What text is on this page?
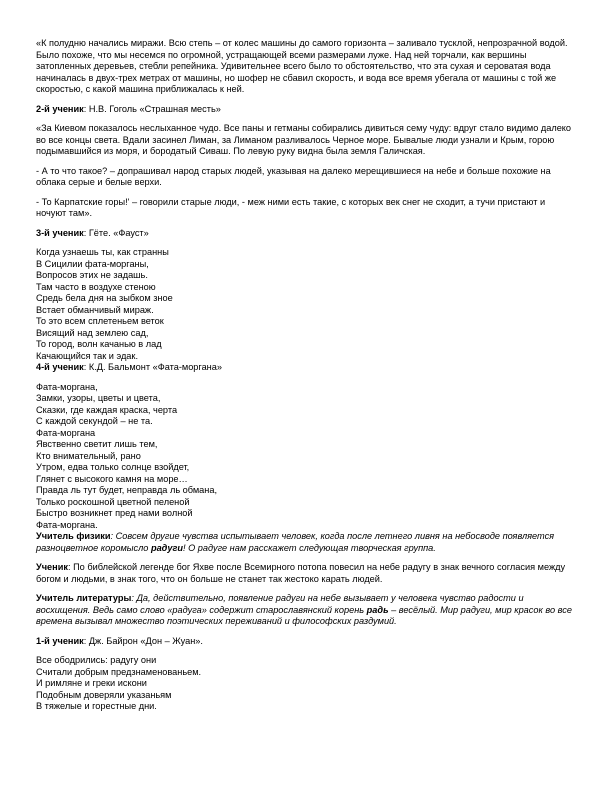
«К полудню начались миражи. Всю степь – от колес машины до самого горизонта – заливало тусклой, непрозрачной водой. Было похоже, что мы несемся по огромной, устращающей всеми размерами луже. Над ней торчали, как вершины затопленных деревьев, стебли репейника. Удивительнее всего было то обстоятельство, что эта сухая и сероватая вода начиналась в двух-трех метрах от машины, но шофер не сбавил скорость, и вода все время убегала от машины с той же скоростью, с какой машина приближалась к ней.

2-й ученик: Н.В. Гоголь «Страшная месть»

«За Киевом показалось неслыханное чудо. Все паны и гетманы собирались дивиться сему чуду: вдруг стало видимо далеко во все концы света. Вдали засинел Лиман, за Лиманом разливалось Черное море. Бывалые люди узнали и Крым, горою подымавшийся из моря, и бородатый Сиваш. По левую руку видна была земля Галичская.

- А то что такое? – допрашивал народ старых людей, указывая на далеко мерещившиеся на небе и больше похожие на облака серые и белые верхи.

- То Карпатские горы!' – говорили старые люди, - меж ними есть такие, с которых век снег не сходит, а тучи пристают и ночуют там».

3-й ученик: Гёте. «Фауст»

Когда узнаешь ты, как странны
В Сицилии фата-морганы,
Вопросов этих не задашь.
Там часто в воздухе стеною
Средь бела дня на зыбком зное
Встает обманчивый мираж.
То это всем сплетеньем веток
Висящий над землею сад,
То город, волн качанью в лад
Качающийся так и эдак.

4-й ученик: К.Д. Бальмонт «Фата-моргана»

Фата-моргана,
Замки, узоры, цветы и цвета,
Сказки, где каждая краска, черта
С каждой секундой – не та.
Фата-моргана
Явственно светит лишь тем,
Кто внимательный, рано
Утром, едва только солнце взойдет,
Глянет с высокого камня на море…
Правда ль тут будет, неправда ль обмана,
Только роскошной цветной пеленой
Быстро возникнет пред нами волной
Фата-моргана.

Учитель физики: Совсем другие чувства испытывает человек, когда после летнего ливня на небосводе появляется разноцветное коромысло радуги! О радуге нам расскажет следующая творческая группа.

Ученик: По библейской легенде бог Яхве после Всемирного потопа повесил на небе радугу в знак вечного согласия между богом и людьми, в знак того, что он больше не станет так жестоко карать людей.

Учитель литературы: Да, действительно, появление радуги на небе вызывает у человека чувство радости и восхищения. Ведь само слово «радуга» содержит старославянский корень радь – весёлый. Мир радуги, мир красок во все времена вызывал множество поэтических переживаний и философских раздумий.

1-й ученик: Дж. Байрон «Дон – Жуан».

Все ободрились: радугу они
Считали добрым предзнаменованьем.
И римляне и греки искони
Подобным доверяли указаньям
В тяжелые и горестные дни.
